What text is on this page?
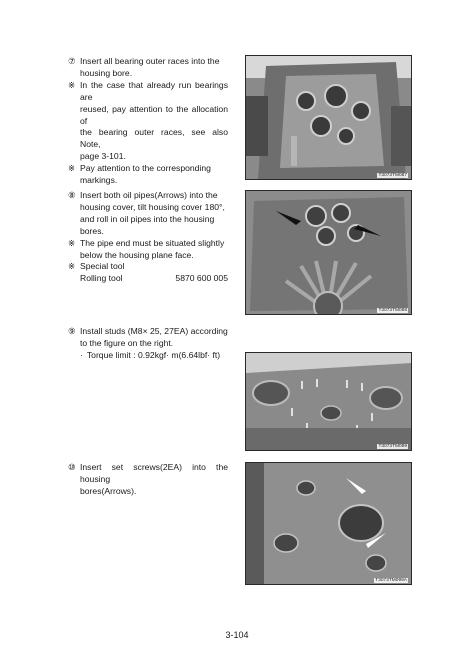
⑦ Insert all bearing outer races into the
housing bore.
※ In the case that already run bearings are
reused, pay attention to the allocation of
the bearing outer races, see also Note,
page 3-101.
※ Pay attention to the corresponding
markings.
⑧ Insert both oil pipes(Arrows) into the
housing cover, tilt housing cover 180°,
and roll in oil pipes into the housing
bores.
※ The pipe end must be situated slightly
below the housing plane face.
※ Special tool
Rolling tool	5870 600 005
⑨ Install studs (M8× 25, 27EA) according
to the figure on the right.
· Torque limit : 0.92kgf· m(6.64lbf· ft)
⑩ Insert set screws(2EA) into the housing
bores(Arrows).
T3073TM087
T3073TM098
T3073TM099
T3073TM099A
3-104
